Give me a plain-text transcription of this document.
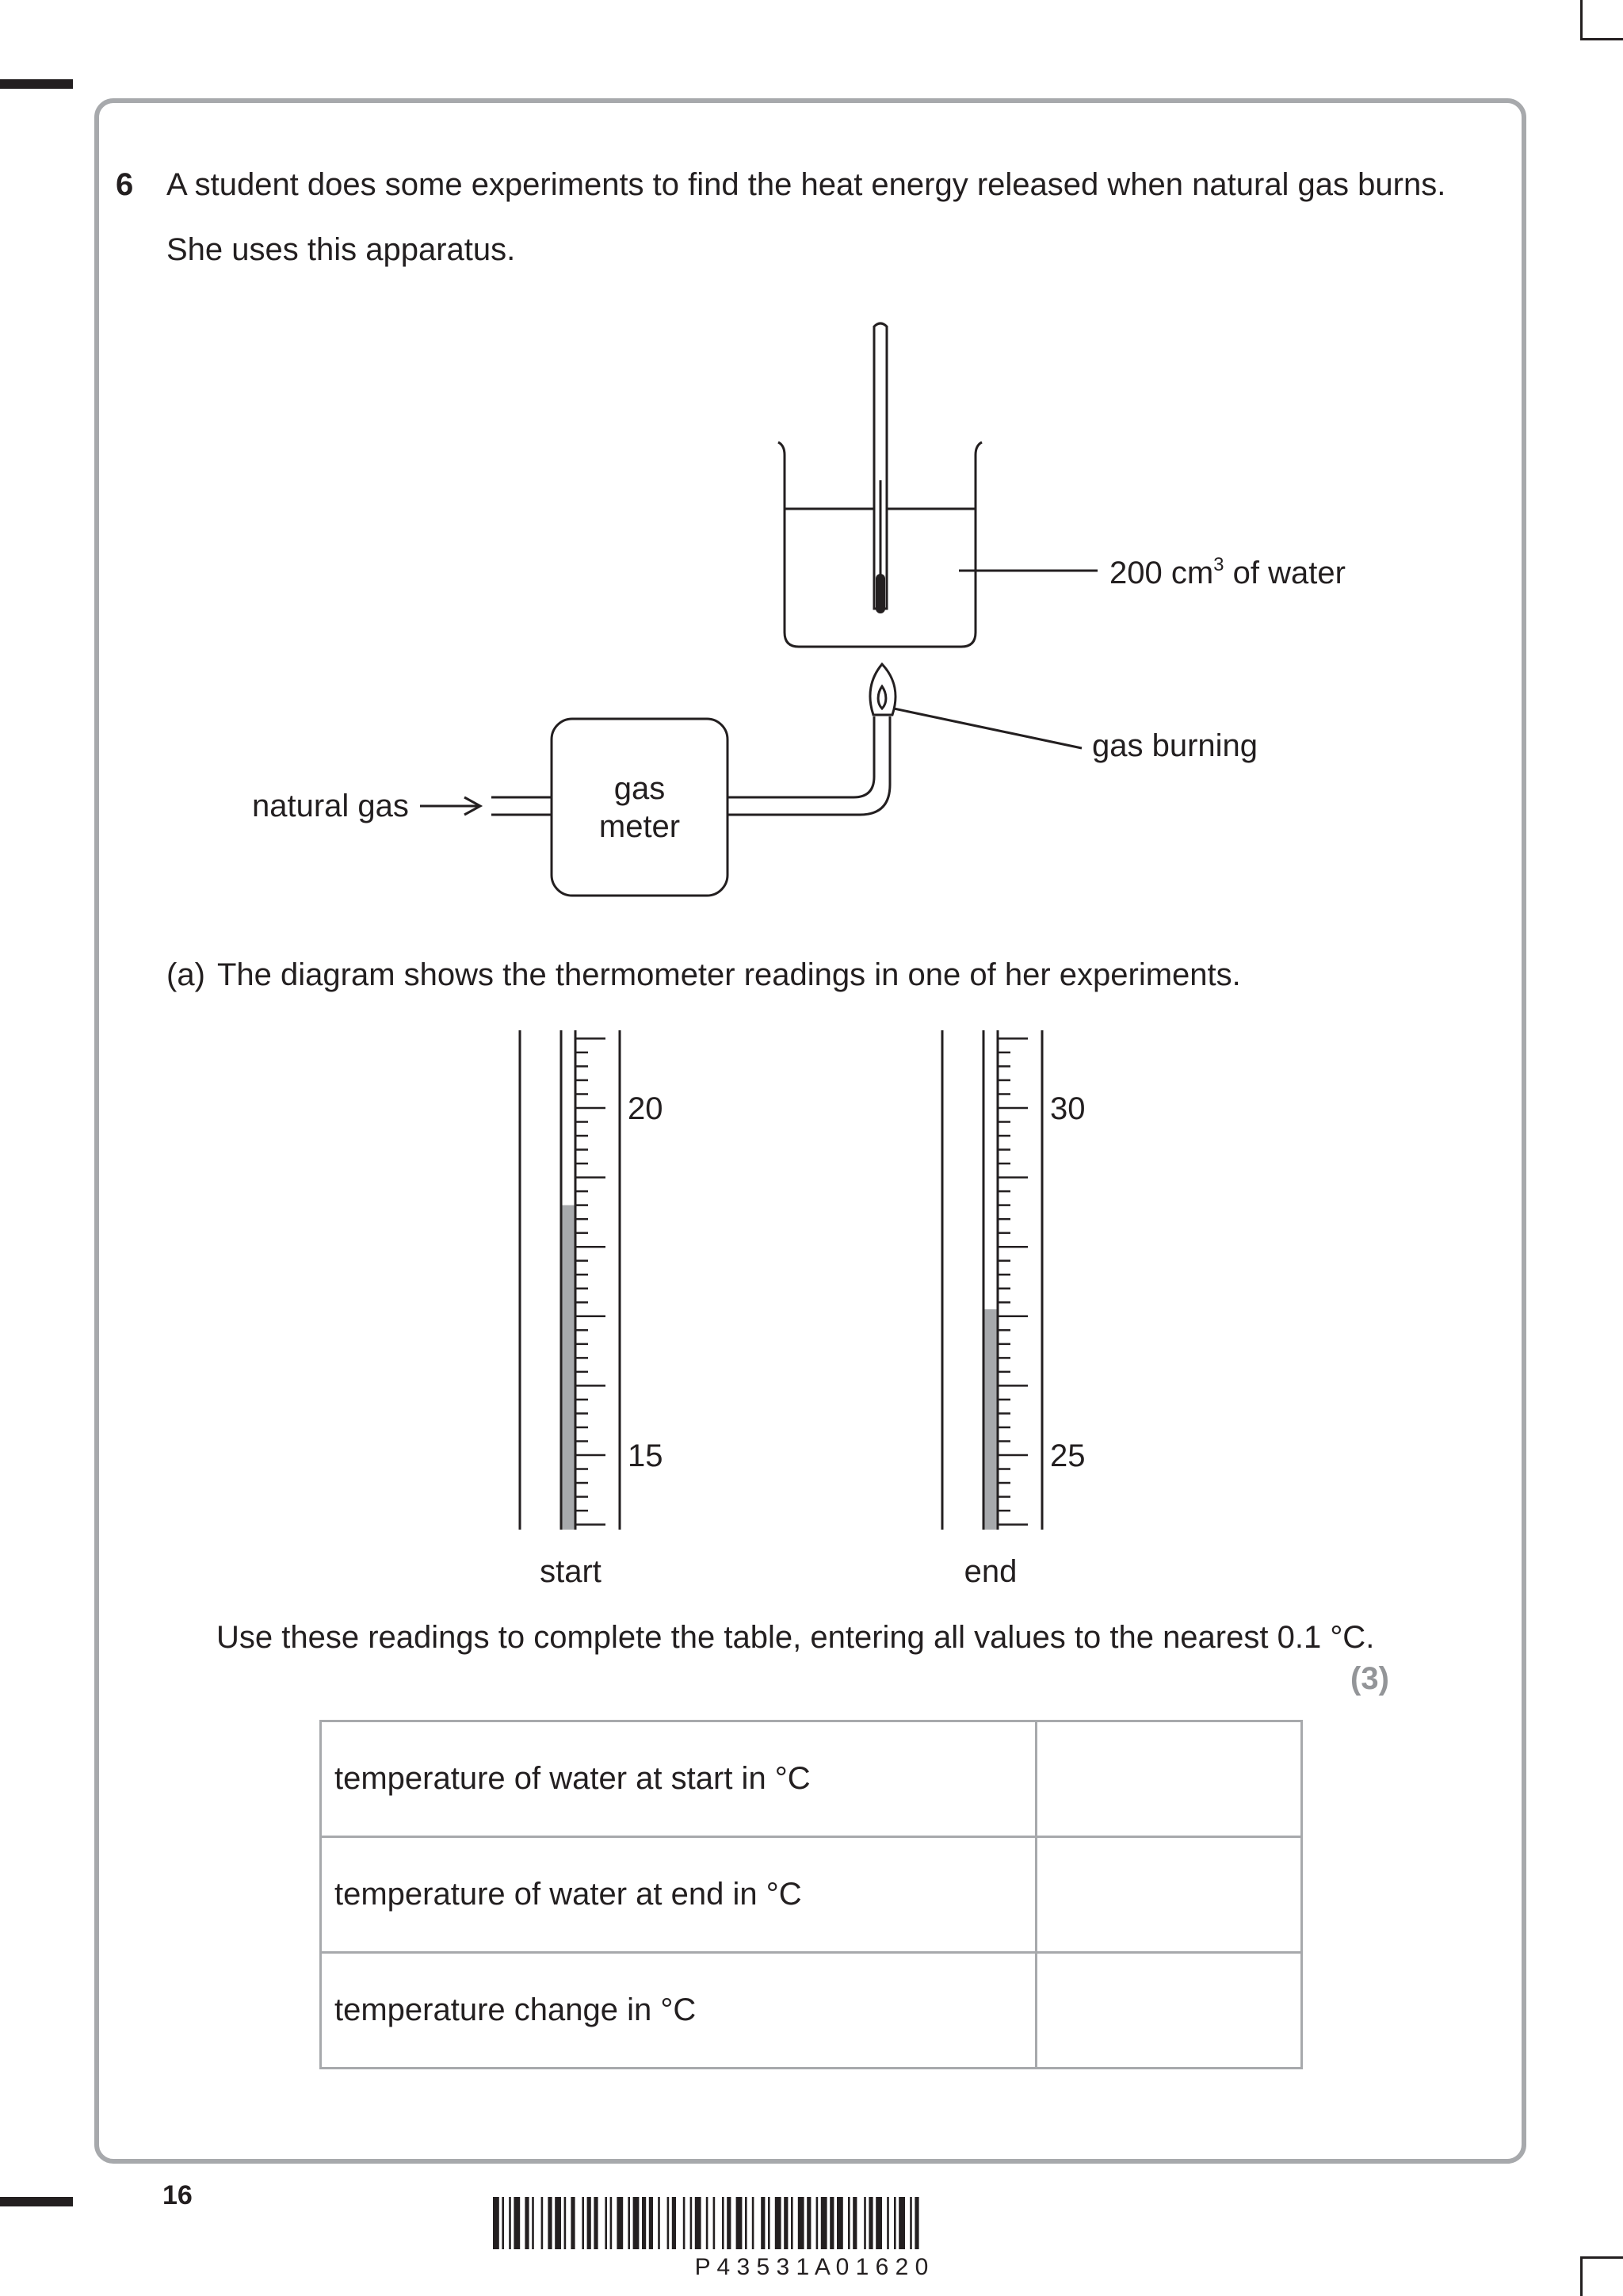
6 A student does some experiments to find the heat energy released when natural gas burns.
She uses this apparatus.
200 $cm^3$ of water
gas burning
natural gas	gas
meter
(a) The diagram shows the thermometer readings in one of her experiments.
20
15
30
25
start	end
Use these readings to complete the table, entering all values to the nearest 0.1 °C.
(3)
temperature of water at start in °C	
temperature of water at end in °C	
temperature change in °C	
16
P 4 3 5 3 1 A 0 1 6 2 0
